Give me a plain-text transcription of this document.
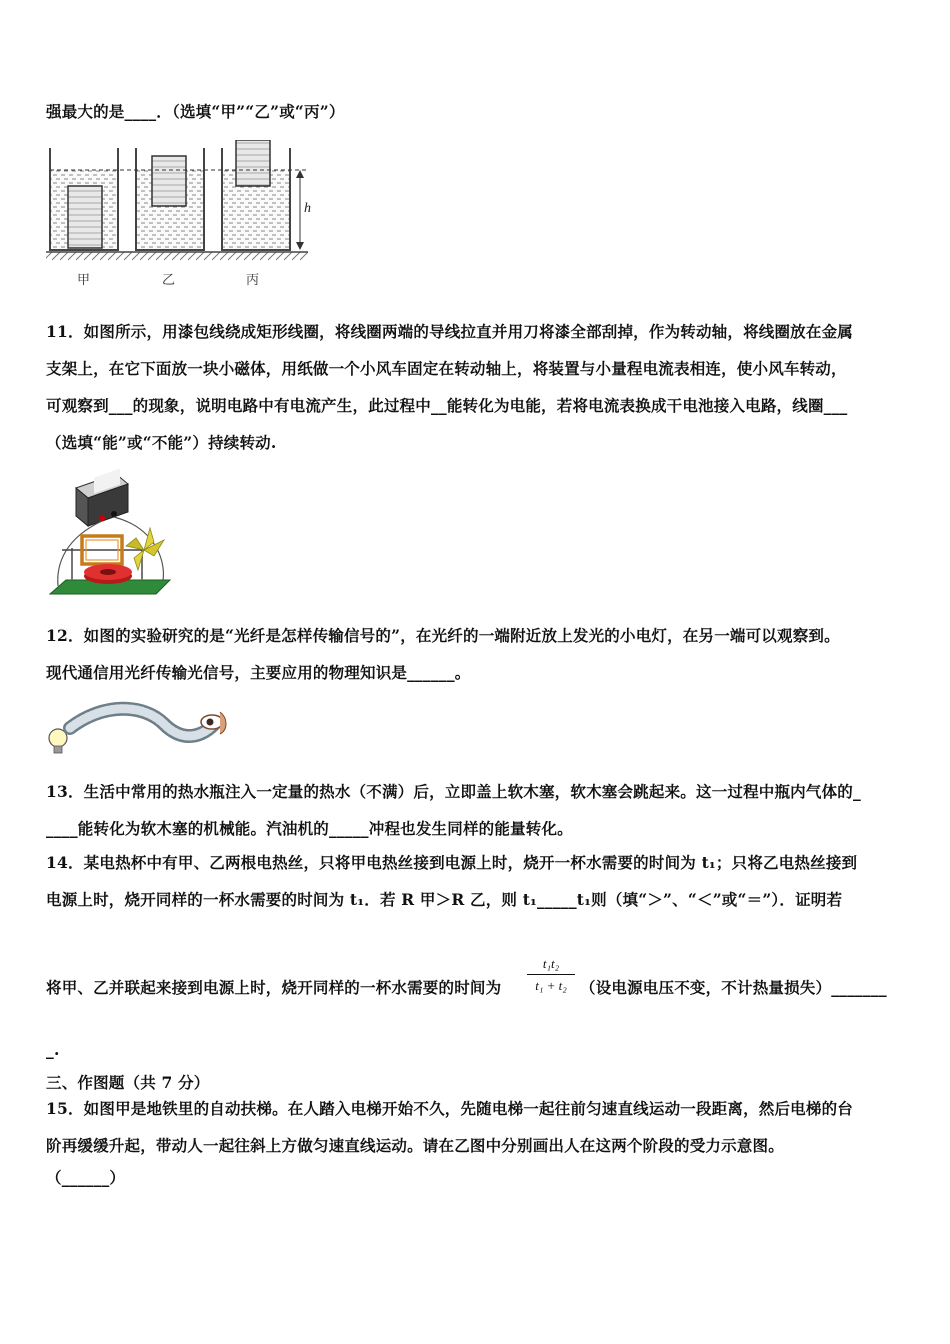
强最大的是____．（选填“甲”“乙”或“丙”）
h
甲	乙	丙
11．如图所示，用漆包线绕成矩形线圈，将线圈两端的导线拉直并用刀将漆全部刮掉，作为转动轴，将线圈放在金属
支架上，在它下面放一块小磁体，用纸做一个小风车固定在转动轴上，将装置与小量程电流表相连，使小风车转动，
可观察到___的现象，说明电路中有电流产生，此过程中__能转化为电能，若将电流表换成干电池接入电路，线圈___
（选填“能”或“不能”）持续转动.
12．如图的实验研究的是“光纤是怎样传输信号的”，在光纤的一端附近放上发光的小电灯，在另一端可以观察到。
现代通信用光纤传输光信号，主要应用的物理知识是______。
13．生活中常用的热水瓶注入一定量的热水（不满）后，立即盖上软木塞，软木塞会跳起来。这一过程中瓶内气体的_
____能转化为软木塞的机械能。汽油机的_____冲程也发生同样的能量转化。
14．某电热杯中有甲、乙两根电热丝，只将甲电热丝接到电源上时，烧开一杯水需要的时间为 t₁；只将乙电热丝接到
电源上时，烧开同样的一杯水需要的时间为 t₁．若 R 甲＞R 乙，则 t₁_____t₁则（填“＞”、“＜”或“＝”）．证明若
将甲、乙并联起来接到电源上时，烧开同样的一杯水需要的时间为
t₁t₂
t₁ + t₂ （设电源电压不变，不计热量损失）_______
_.
三、作图题（共 7 分）
15．如图甲是地铁里的自动扶梯。在人踏入电梯开始不久，先随电梯一起往前匀速直线运动一段距离，然后电梯的台
阶再缓缓升起，带动人一起往斜上方做匀速直线运动。请在乙图中分别画出人在这两个阶段的受力示意图。
（______）
